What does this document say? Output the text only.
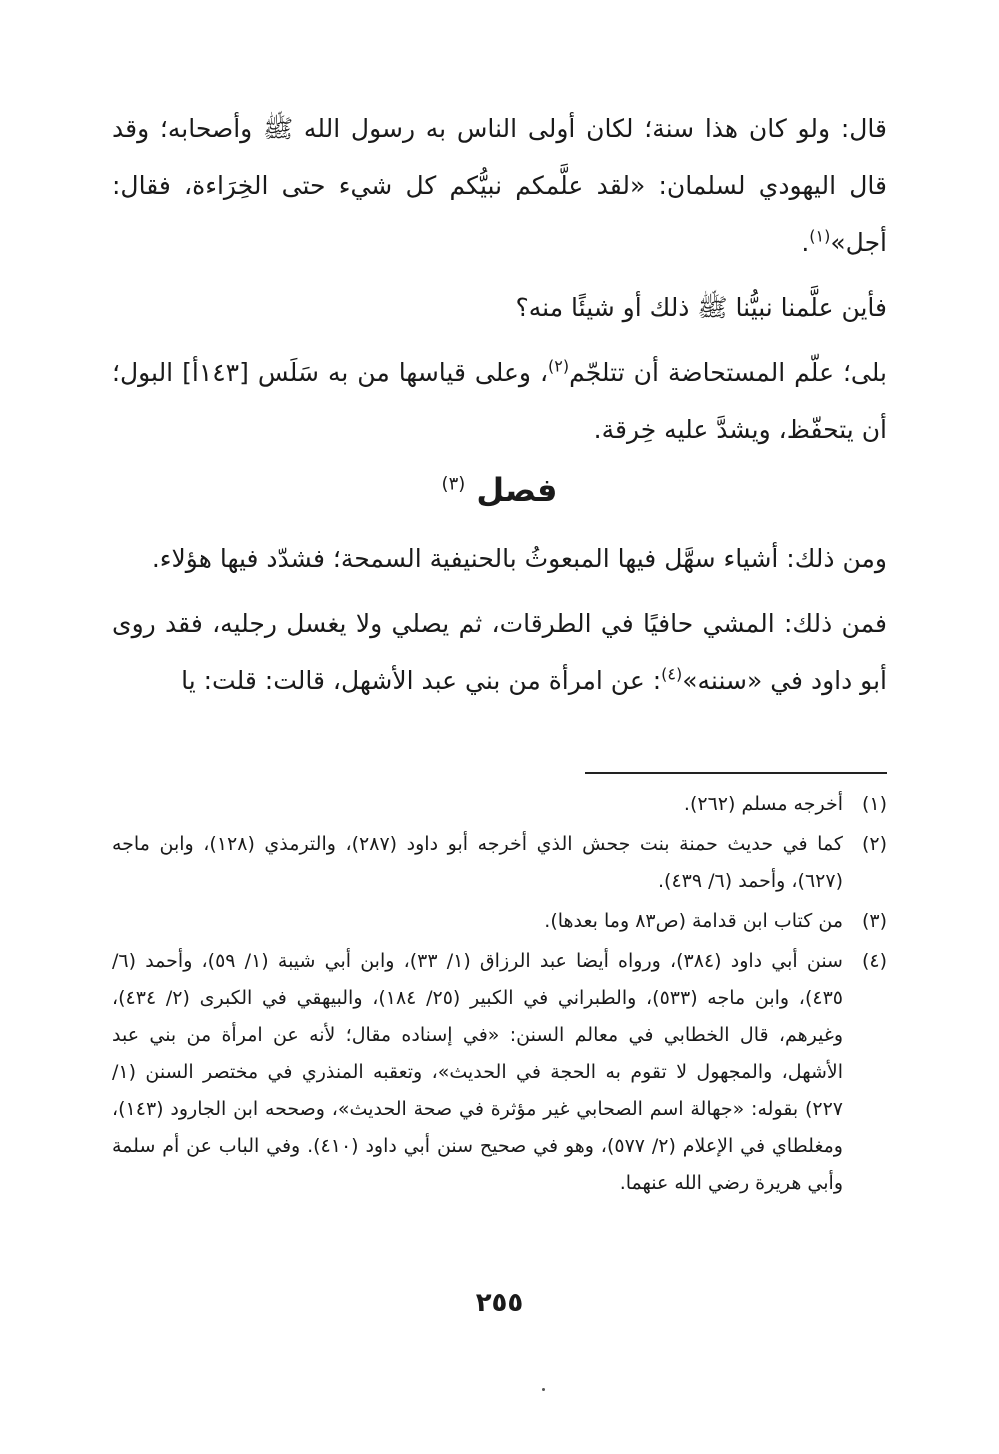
قال: ولو كان هذا سنة؛ لكان أولى الناس به رسول الله ﷺ وأصحابه؛ وقد قال اليهودي لسلمان: «لقد علَّمكم نبيُّكم كل شيء حتى الخِرَاءة، فقال: أجل»$^{(١)}$.

فأين علَّمنا نبيُّنا ﷺ ذلك أو شيئًا منه؟

بلى؛ علّم المستحاضة أن تتلجّم$^{(٢)}$، وعلى قياسها من به سَلَس [١٤٣أ] البول؛ أن يتحفّظ، ويشدَّ عليه خِرقة.

فصل $^{(٣)}$

ومن ذلك: أشياء سهَّل فيها المبعوثُ بالحنيفية السمحة؛ فشدّد فيها هؤلاء.

فمن ذلك: المشي حافيًا في الطرقات، ثم يصلي ولا يغسل رجليه، فقد روى أبو داود في «سننه»$^{(٤)}$: عن امرأة من بني عبد الأشهل، قالت: قلت: يا

(١)
أخرجه مسلم (٢٦٢).
(٢)
كما في حديث حمنة بنت جحش الذي أخرجه أبو داود (٢٨٧)، والترمذي (١٢٨)، وابن ماجه (٦٢٧)، وأحمد (٦/ ٤٣٩).
(٣)
من كتاب ابن قدامة (ص٨٣ وما بعدها).
(٤)
سنن أبي داود (٣٨٤)، ورواه أيضا عبد الرزاق (١/ ٣٣)، وابن أبي شيبة (١/ ٥٩)، وأحمد (٦/ ٤٣٥)، وابن ماجه (٥٣٣)، والطبراني في الكبير (٢٥/ ١٨٤)، والبيهقي في الكبرى (٢/ ٤٣٤)، وغيرهم، قال الخطابي في معالم السنن: «في إسناده مقال؛ لأنه عن امرأة من بني عبد الأشهل، والمجهول لا تقوم به الحجة في الحديث»، وتعقبه المنذري في مختصر السنن (١/ ٢٢٧) بقوله: «جهالة اسم الصحابي غير مؤثرة في صحة الحديث»، وصححه ابن الجارود (١٤٣)، ومغلطاي في الإعلام (٢/ ٥٧٧)، وهو في صحيح سنن أبي داود (٤١٠). وفي الباب عن أم سلمة وأبي هريرة رضي الله عنهما.
٢٥٥
